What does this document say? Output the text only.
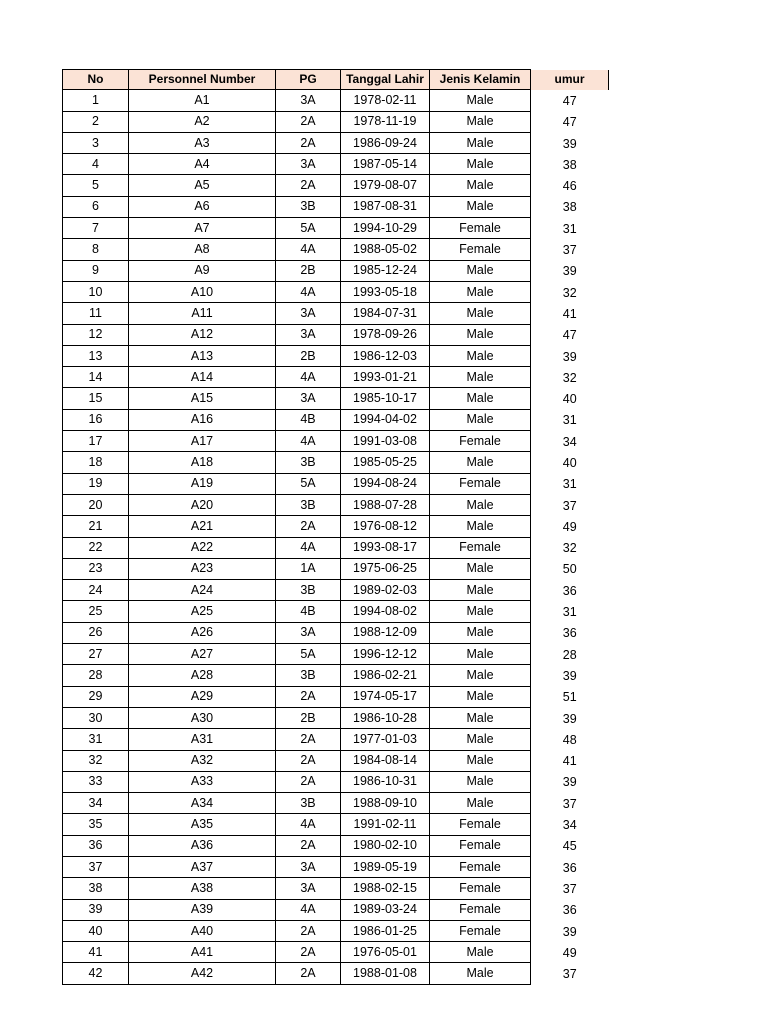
No	Personnel Number	PG	Tanggal Lahir	Jenis Kelamin	umur
1	A1	3A	1978-02-11	Male	47
2	A2	2A	1978-11-19	Male	47
3	A3	2A	1986-09-24	Male	39
4	A4	3A	1987-05-14	Male	38
5	A5	2A	1979-08-07	Male	46
6	A6	3B	1987-08-31	Male	38
7	A7	5A	1994-10-29	Female	31
8	A8	4A	1988-05-02	Female	37
9	A9	2B	1985-12-24	Male	39
10	A10	4A	1993-05-18	Male	32
11	A11	3A	1984-07-31	Male	41
12	A12	3A	1978-09-26	Male	47
13	A13	2B	1986-12-03	Male	39
14	A14	4A	1993-01-21	Male	32
15	A15	3A	1985-10-17	Male	40
16	A16	4B	1994-04-02	Male	31
17	A17	4A	1991-03-08	Female	34
18	A18	3B	1985-05-25	Male	40
19	A19	5A	1994-08-24	Female	31
20	A20	3B	1988-07-28	Male	37
21	A21	2A	1976-08-12	Male	49
22	A22	4A	1993-08-17	Female	32
23	A23	1A	1975-06-25	Male	50
24	A24	3B	1989-02-03	Male	36
25	A25	4B	1994-08-02	Male	31
26	A26	3A	1988-12-09	Male	36
27	A27	5A	1996-12-12	Male	28
28	A28	3B	1986-02-21	Male	39
29	A29	2A	1974-05-17	Male	51
30	A30	2B	1986-10-28	Male	39
31	A31	2A	1977-01-03	Male	48
32	A32	2A	1984-08-14	Male	41
33	A33	2A	1986-10-31	Male	39
34	A34	3B	1988-09-10	Male	37
35	A35	4A	1991-02-11	Female	34
36	A36	2A	1980-02-10	Female	45
37	A37	3A	1989-05-19	Female	36
38	A38	3A	1988-02-15	Female	37
39	A39	4A	1989-03-24	Female	36
40	A40	2A	1986-01-25	Female	39
41	A41	2A	1976-05-01	Male	49
42	A42	2A	1988-01-08	Male	37
